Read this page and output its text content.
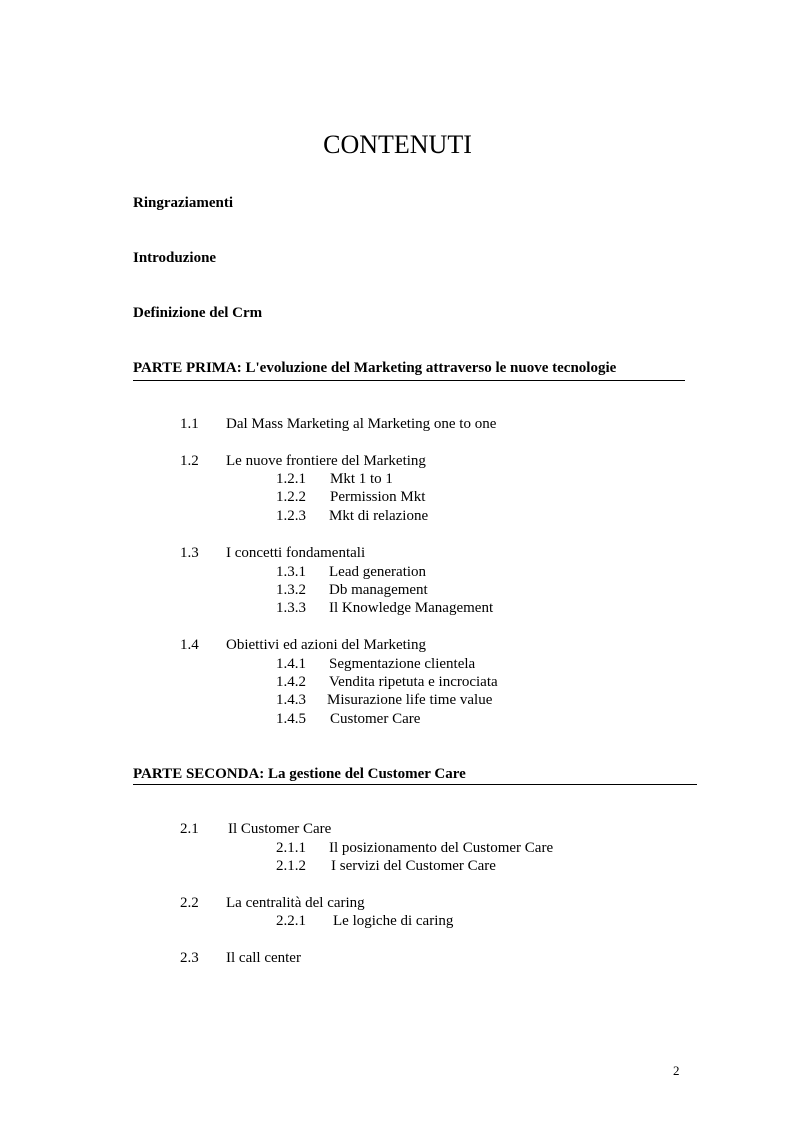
CONTENUTI
Ringraziamenti
Introduzione
Definizione del Crm
PARTE PRIMA: L'evoluzione del Marketing attraverso le nuove tecnologie
1.1 Dal Mass Marketing al Marketing one to one
1.2 Le nuove frontiere del Marketing
1.2.1 Mkt 1 to 1
1.2.2 Permission Mkt
1.2.3 Mkt di relazione
1.3 I concetti fondamentali
1.3.1 Lead generation
1.3.2 Db management
1.3.3 Il Knowledge Management
1.4 Obiettivi ed azioni del Marketing
1.4.1 Segmentazione clientela
1.4.2 Vendita ripetuta e incrociata
1.4.3 Misurazione life time value
1.4.5 Customer Care
PARTE SECONDA: La gestione del Customer Care
2.1 Il Customer Care
2.1.1 Il posizionamento del Customer Care
2.1.2 I servizi del Customer Care
2.2 La centralità del caring
2.2.1 Le logiche di caring
2.3 Il call center
2
